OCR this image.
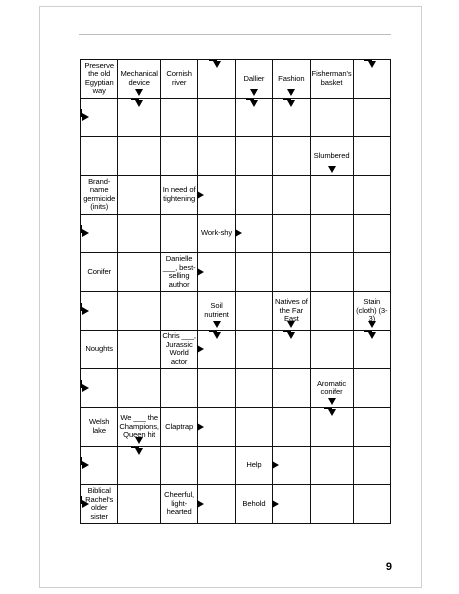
Preserve the old Egyptian way
Mechanical device
Cornish river	Dallier	Fashion Fisherman's basket
Slumbered
Brand-name germicide (inits)
In need of tightening
Work-shy
Conifer
Danielle ___, best-selling author
Soil nutrient
Natives of the Far East
Stain (cloth) (3-3)
Noughts
Chris ___, Jurassic World actor
Aromatic conifer
Welsh lake
We ___ the Champions, Queen hit
Claptrap
Help
Biblical Rachel's older sister
Cheerful, light-hearted
Behold
9
